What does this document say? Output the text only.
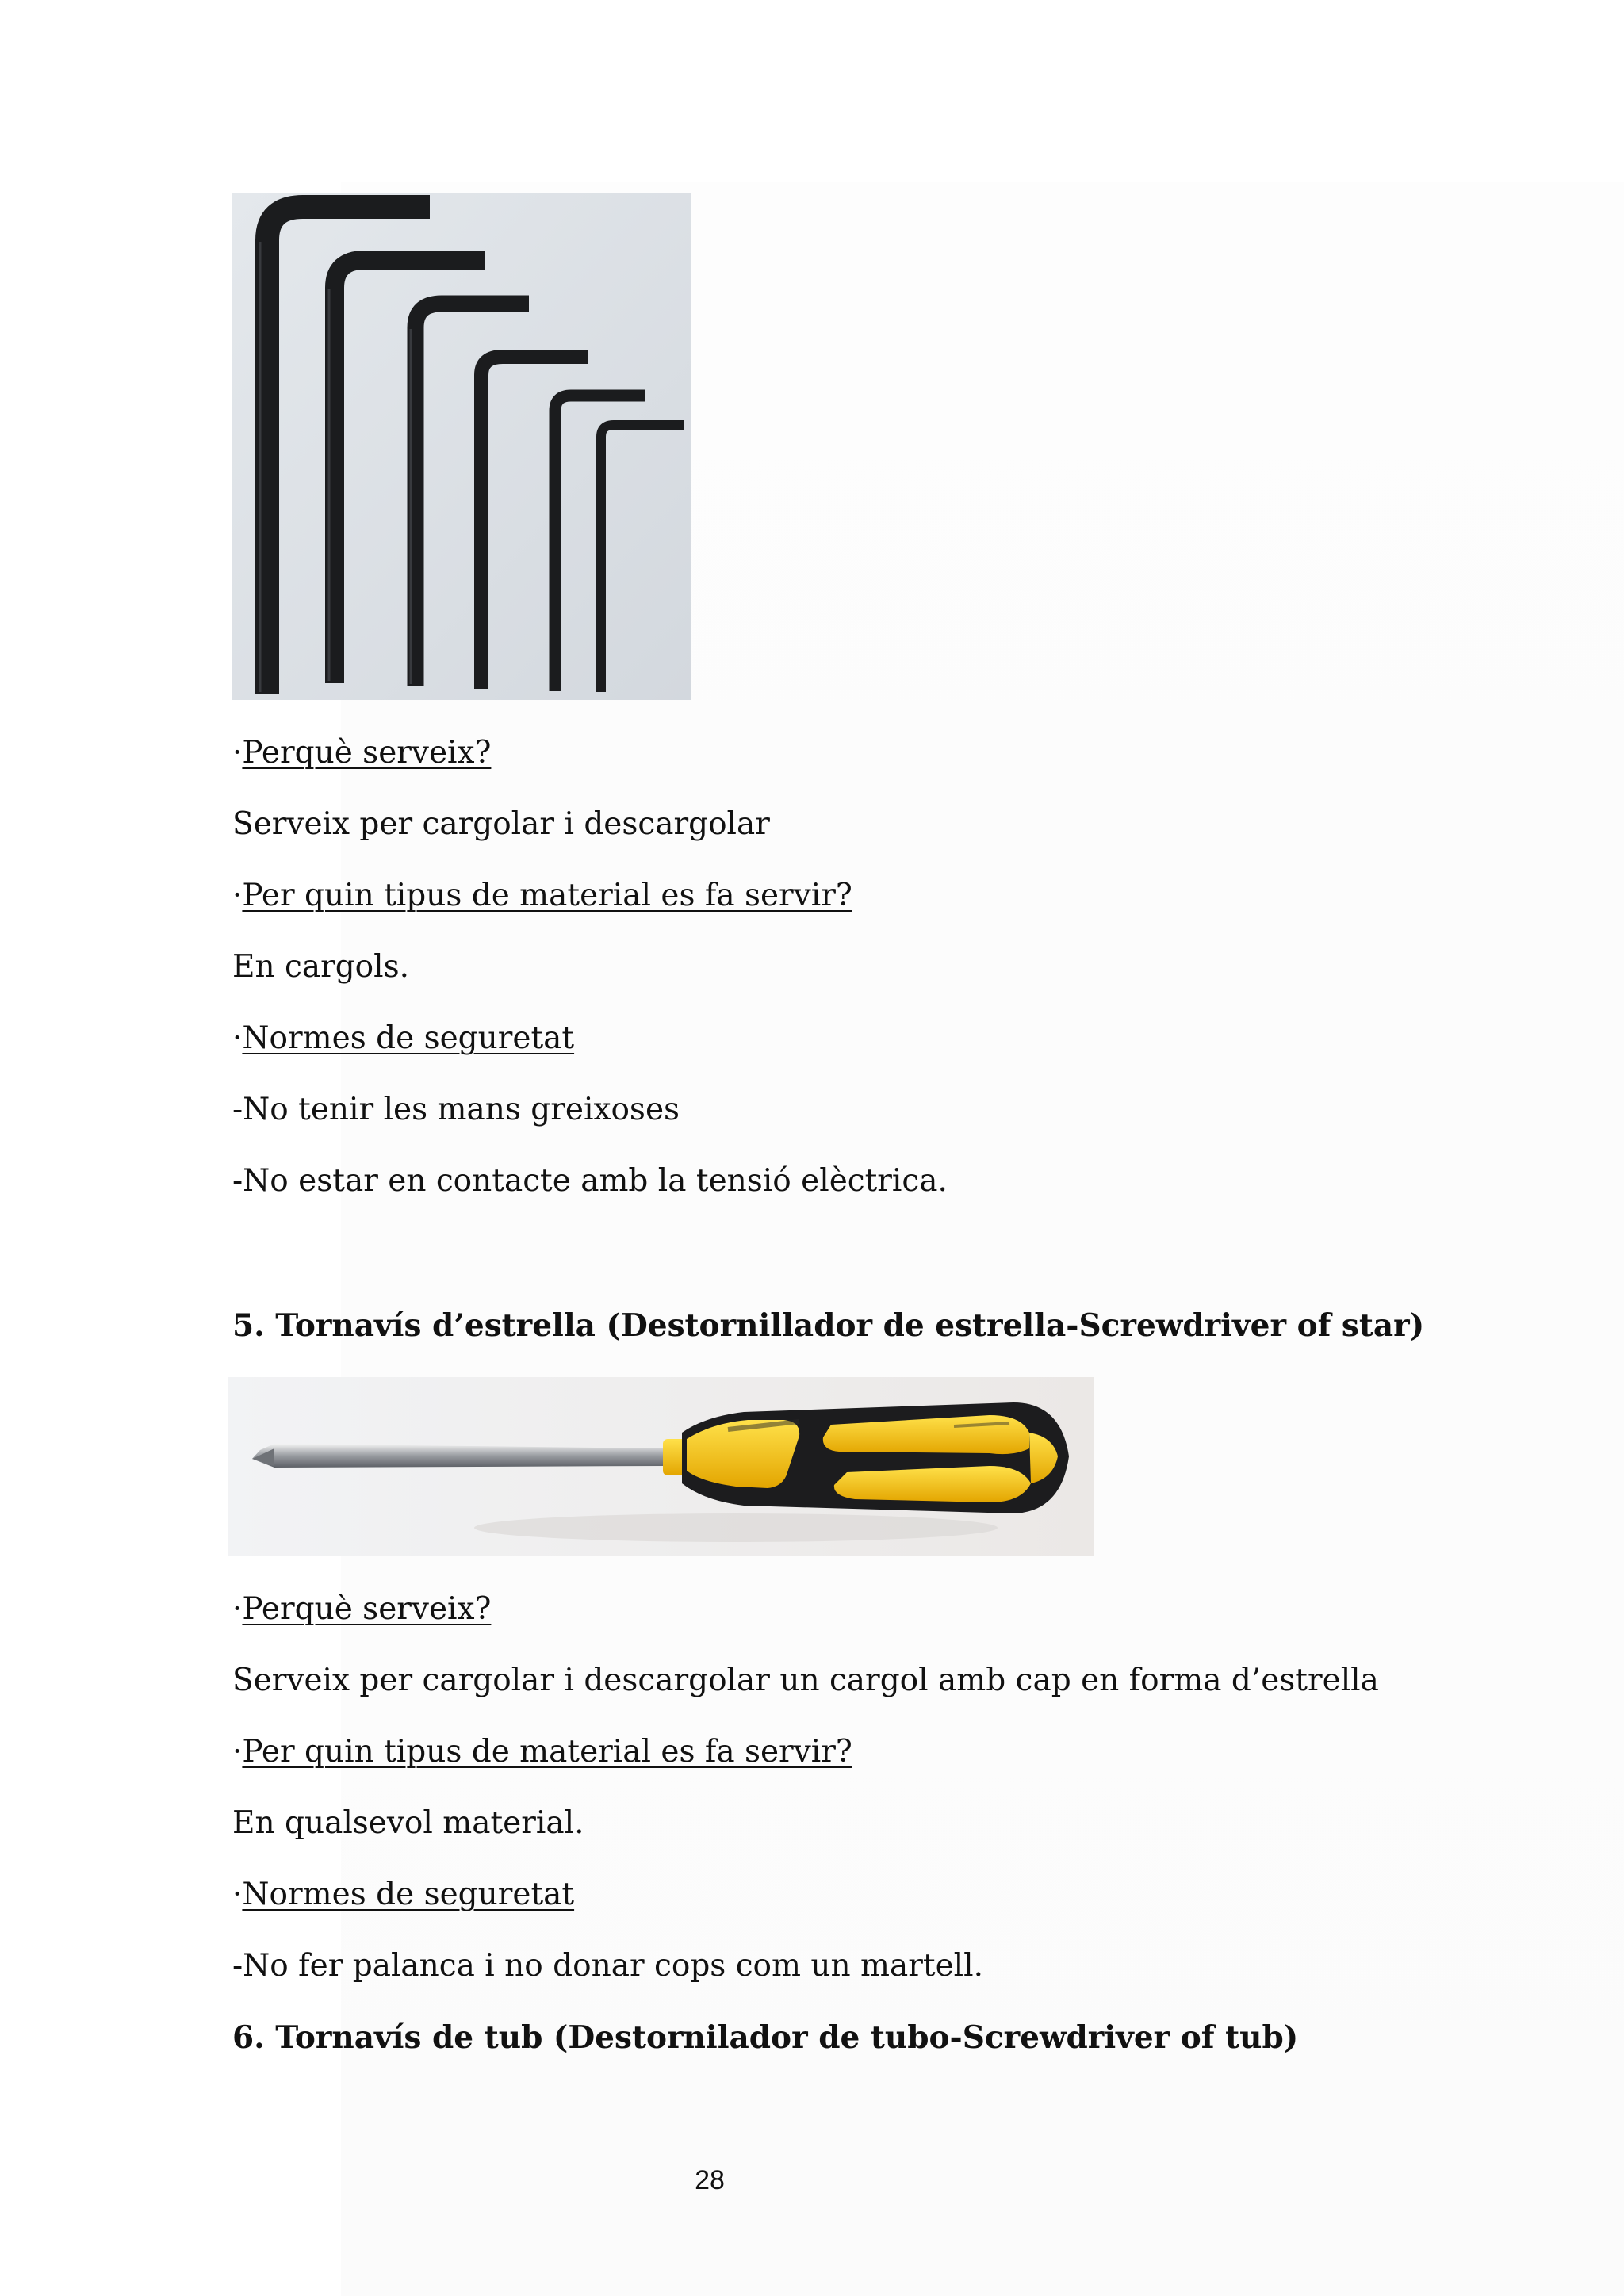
·Perquè serveix?
Serveix per cargolar i descargolar
·Per quin tipus de material es fa servir?
En cargols.
·Normes de seguretat
-No tenir les mans greixoses
-No estar en contacte amb la tensió elèctrica.
5. Tornavís d’estrella (Destornillador de estrella-Screwdriver of star)
·Perquè serveix?
Serveix per cargolar i descargolar un cargol amb cap en forma d’estrella
·Per quin tipus de material es fa servir?
En qualsevol material.
·Normes de seguretat
-No fer palanca i no donar cops com un martell.
6. Tornavís de tub (Destornilador de tubo-Screwdriver of tub)
28
